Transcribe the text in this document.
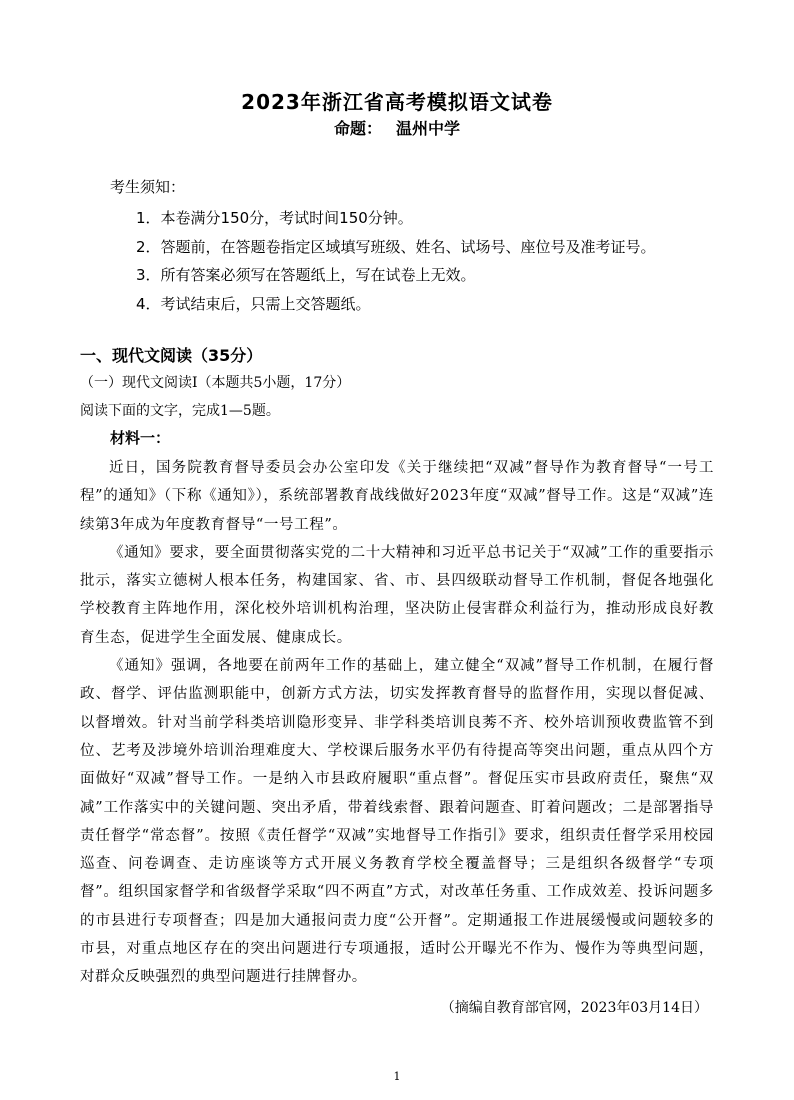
2023年浙江省高考模拟语文试卷
命题： 温州中学
考生须知：
1．本卷满分150分，考试时间150分钟。
2．答题前，在答题卷指定区域填写班级、姓名、试场号、座位号及准考证号。
3．所有答案必须写在答题纸上，写在试卷上无效。
4．考试结束后，只需上交答题纸。
一、现代文阅读（35分）
（一）现代文阅读Ⅰ（本题共5小题，17分）
阅读下面的文字，完成1—5题。
材料一：

近日，国务院教育督导委员会办公室印发《关于继续把“双减”督导作为教育督导“一号工程”的通知》（下称《通知》），系统部署教育战线做好2023年度“双减”督导工作。这是“双减”连续第3年成为年度教育督导“一号工程”。

《通知》要求，要全面贯彻落实党的二十大精神和习近平总书记关于“双减”工作的重要指示批示，落实立德树人根本任务，构建国家、省、市、县四级联动督导工作机制，督促各地强化学校教育主阵地作用，深化校外培训机构治理，坚决防止侵害群众利益行为，推动形成良好教育生态，促进学生全面发展、健康成长。

《通知》强调，各地要在前两年工作的基础上，建立健全“双减”督导工作机制，在履行督政、督学、评估监测职能中，创新方式方法，切实发挥教育督导的监督作用，实现以督促减、以督增效。针对当前学科类培训隐形变异、非学科类培训良莠不齐、校外培训预收费监管不到位、艺考及涉境外培训治理难度大、学校课后服务水平仍有待提高等突出问题，重点从四个方面做好“双减”督导工作。一是纳入市县政府履职“重点督”。督促压实市县政府责任，聚焦“双减”工作落实中的关键问题、突出矛盾，带着线索督、跟着问题查、盯着问题改；二是部署指导责任督学“常态督”。按照《责任督学“双减”实地督导工作指引》要求，组织责任督学采用校园巡查、问卷调查、走访座谈等方式开展义务教育学校全覆盖督导；三是组织各级督学“专项督”。组织国家督学和省级督学采取“四不两直”方式，对改革任务重、工作成效差、投诉问题多的市县进行专项督查；四是加大通报问责力度“公开督”。定期通报工作进展缓慢或问题较多的市县，对重点地区存在的突出问题进行专项通报，适时公开曝光不作为、慢作为等典型问题，对群众反映强烈的典型问题进行挂牌督办。

（摘编自教育部官网，2023年03月14日）
1
